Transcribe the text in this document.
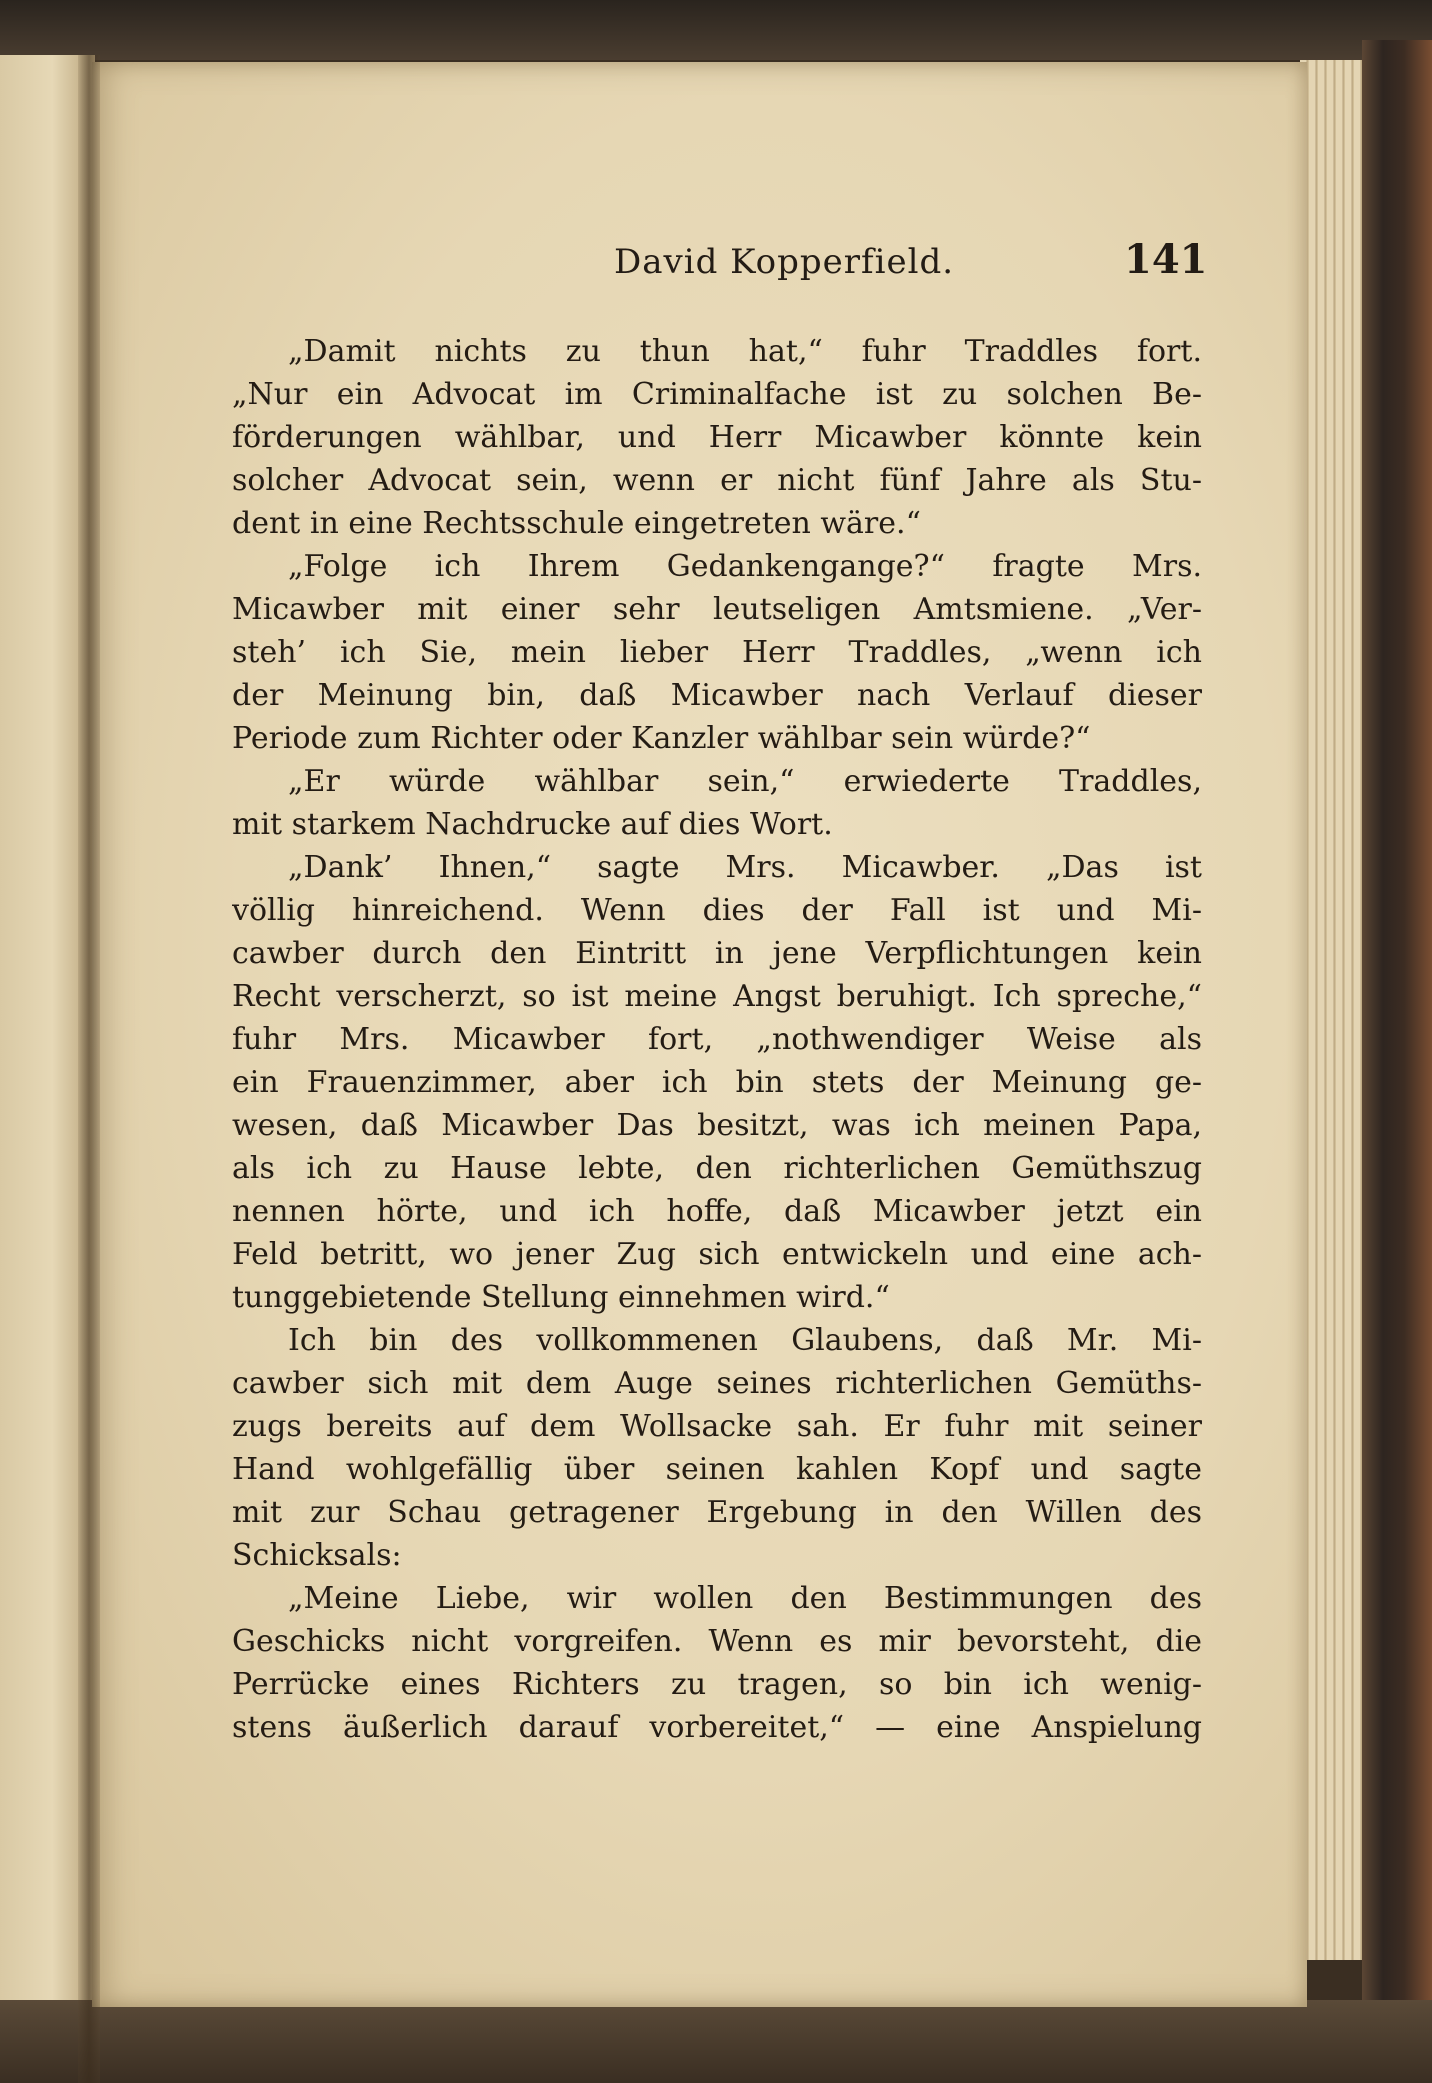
David Kopperfield.	141
„Damit nichts zu thun hat,“ fuhr Traddles fort.
„Nur ein Advocat im Criminalfache ist zu solchen Be-
förderungen wählbar, und Herr Micawber könnte kein
solcher Advocat sein, wenn er nicht fünf Jahre als Stu-
dent in eine Rechtsschule eingetreten wäre.“
„Folge ich Ihrem Gedankengange?“ fragte Mrs.
Micawber mit einer sehr leutseligen Amtsmiene. „Ver-
steh’ ich Sie, mein lieber Herr Traddles, „wenn ich
der Meinung bin, daß Micawber nach Verlauf dieser
Periode zum Richter oder Kanzler wählbar sein würde?“
„Er würde wählbar sein,“ erwiederte Traddles,
mit starkem Nachdrucke auf dies Wort.
„Dank’ Ihnen,“ sagte Mrs. Micawber. „Das ist
völlig hinreichend. Wenn dies der Fall ist und Mi-
cawber durch den Eintritt in jene Verpflichtungen kein
Recht verscherzt, so ist meine Angst beruhigt. Ich spreche,“
fuhr Mrs. Micawber fort, „nothwendiger Weise als
ein Frauenzimmer, aber ich bin stets der Meinung ge-
wesen, daß Micawber Das besitzt, was ich meinen Papa,
als ich zu Hause lebte, den richterlichen Gemüthszug
nennen hörte, und ich hoffe, daß Micawber jetzt ein
Feld betritt, wo jener Zug sich entwickeln und eine ach-
tunggebietende Stellung einnehmen wird.“
Ich bin des vollkommenen Glaubens, daß Mr. Mi-
cawber sich mit dem Auge seines richterlichen Gemüths-
zugs bereits auf dem Wollsacke sah. Er fuhr mit seiner
Hand wohlgefällig über seinen kahlen Kopf und sagte
mit zur Schau getragener Ergebung in den Willen des
Schicksals:
„Meine Liebe, wir wollen den Bestimmungen des
Geschicks nicht vorgreifen. Wenn es mir bevorsteht, die
Perrücke eines Richters zu tragen, so bin ich wenig-
stens äußerlich darauf vorbereitet,“ — eine Anspielung
